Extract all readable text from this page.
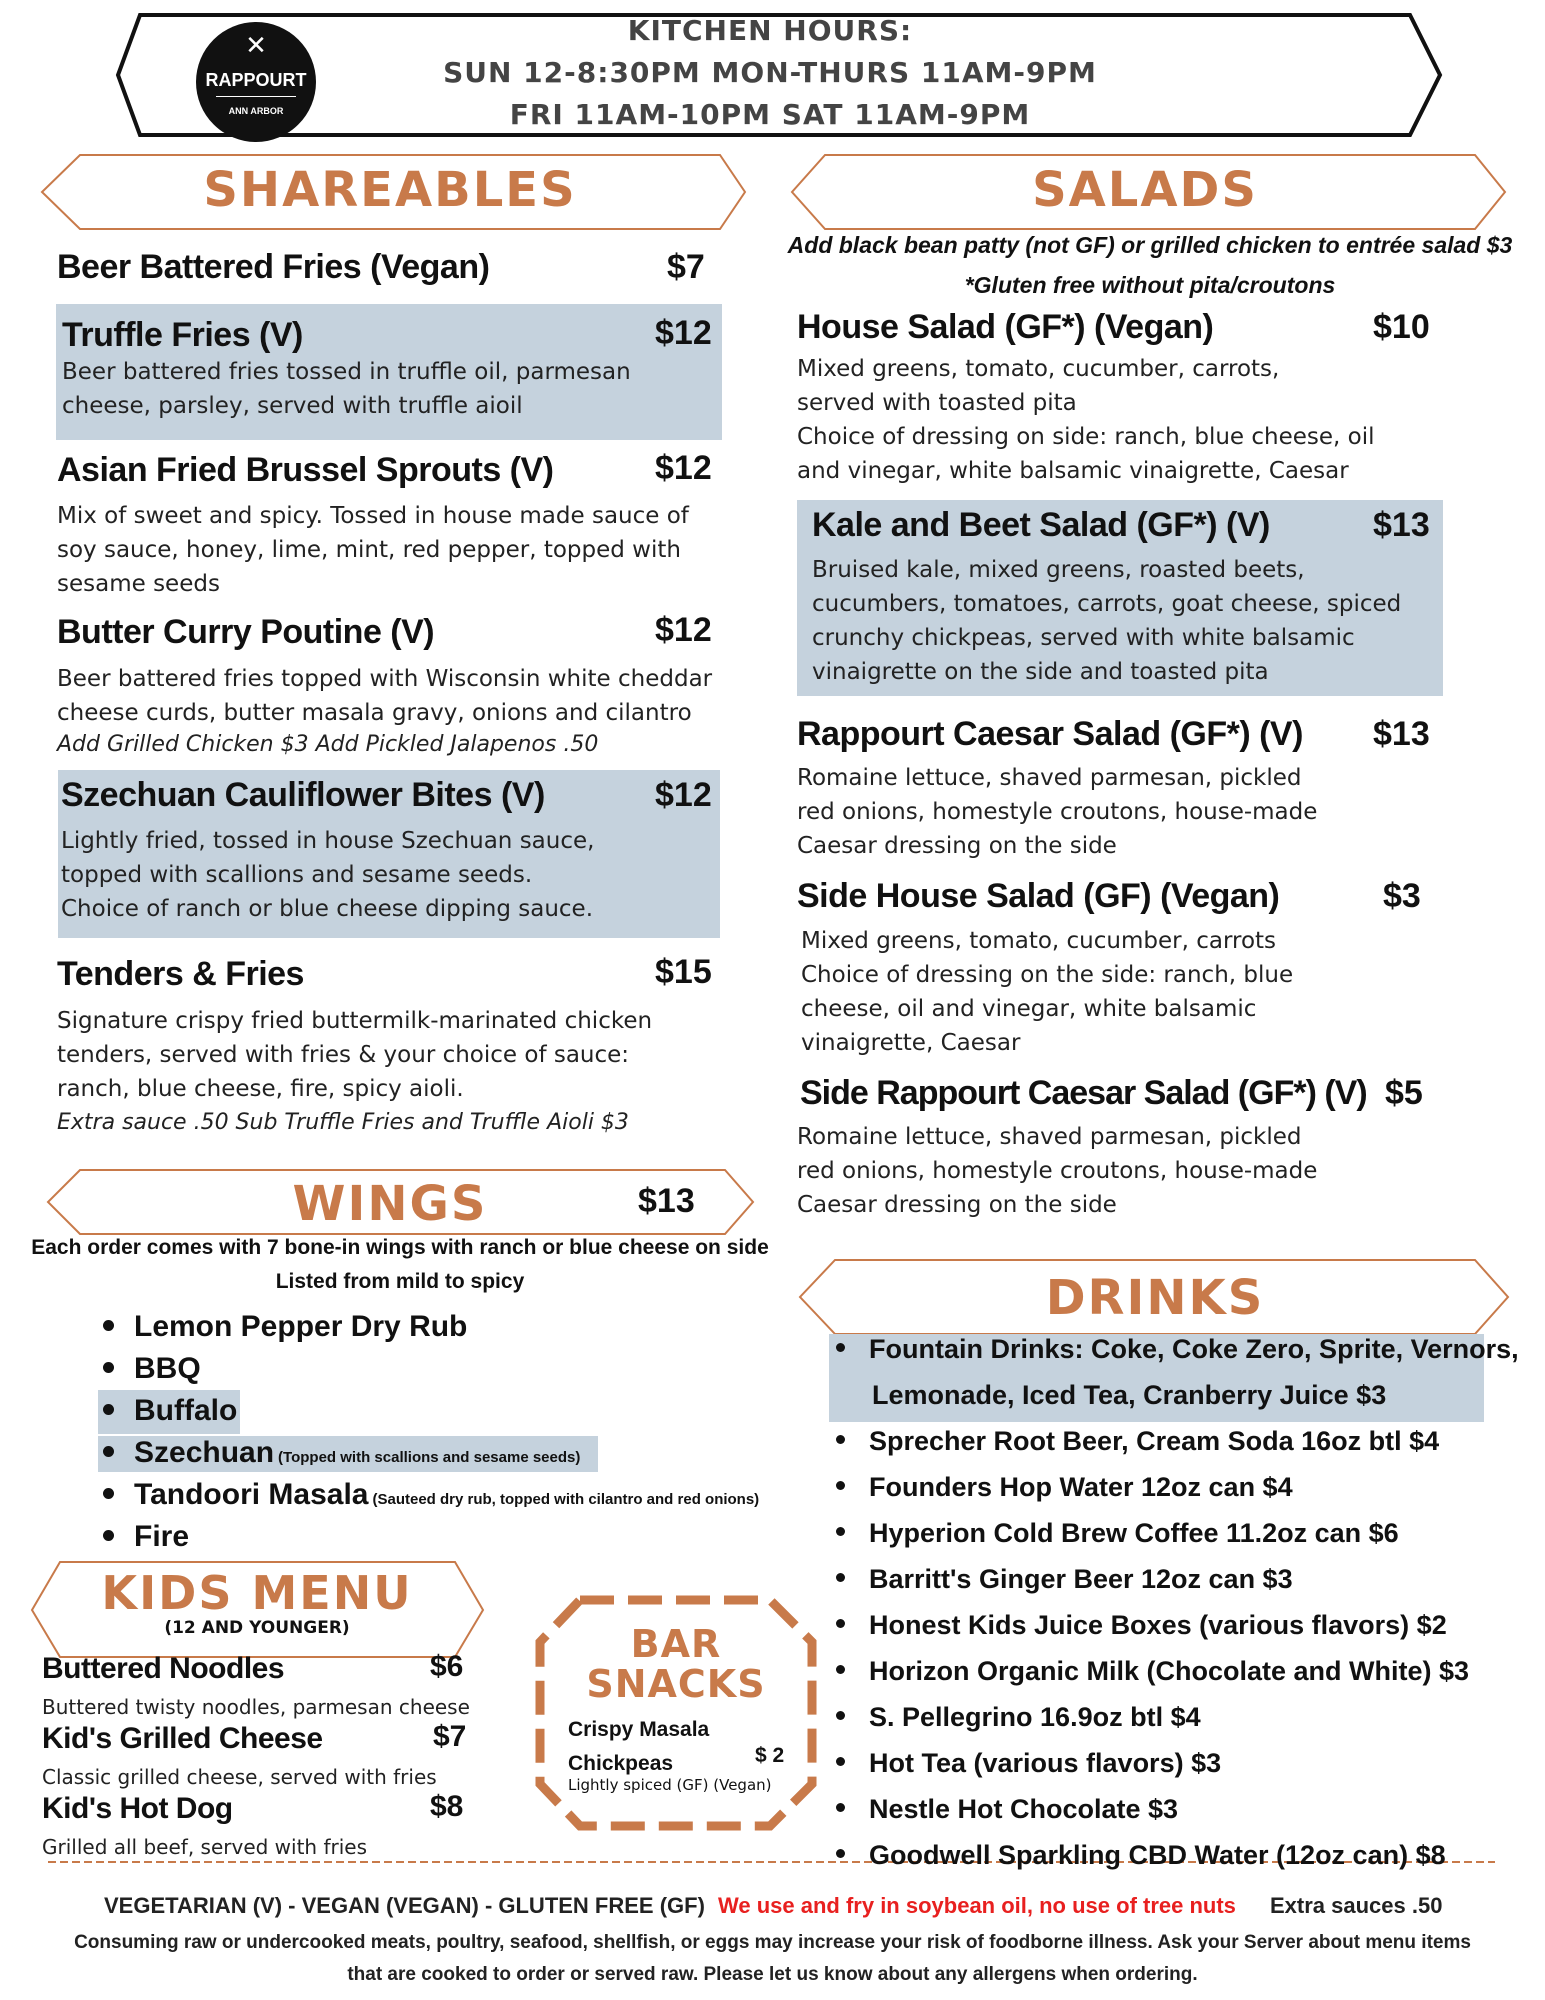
✕
RAPPOURT
ANN ARBOR
KITCHEN HOURS:
SUN 12-8:30PM MON-THURS 11AM-9PM
FRI 11AM-10PM SAT 11AM-9PM
SHAREABLES
Beer Battered Fries (Vegan)	$7
Truffle Fries (V)	$12
Beer battered fries tossed in truffle oil, parmesan
cheese, parsley, served with truffle aioil
Asian Fried Brussel Sprouts (V)	$12
Mix of sweet and spicy. Tossed in house made sauce of
soy sauce, honey, lime, mint, red pepper, topped with
sesame seeds
Butter Curry Poutine (V)	$12
Beer battered fries topped with Wisconsin white cheddar
cheese curds, butter masala gravy, onions and cilantro
Add Grilled Chicken $3 Add Pickled Jalapenos .50
Szechuan Cauliflower Bites (V)	$12
Lightly fried, tossed in house Szechuan sauce,
topped with scallions and sesame seeds.
Choice of ranch or blue cheese dipping sauce.
Tenders & Fries	$15
Signature crispy fried buttermilk-marinated chicken
tenders, served with fries & your choice of sauce:
ranch, blue cheese, fire, spicy aioli.
Extra sauce .50 Sub Truffle Fries and Truffle Aioli $3
SALADS
Add black bean patty (not GF) or grilled chicken to entrée salad $3
*Gluten free without pita/croutons
House Salad (GF*) (Vegan)	$10
Mixed greens, tomato, cucumber, carrots,
served with toasted pita
Choice of dressing on side: ranch, blue cheese, oil
and vinegar, white balsamic vinaigrette, Caesar
Kale and Beet Salad (GF*) (V)	$13
Bruised kale, mixed greens, roasted beets,
cucumbers, tomatoes, carrots, goat cheese, spiced
crunchy chickpeas, served with white balsamic
vinaigrette on the side and toasted pita
Rappourt Caesar Salad (GF*) (V) $13
Romaine lettuce, shaved parmesan, pickled
red onions, homestyle croutons, house-made
Caesar dressing on the side
Side House Salad (GF) (Vegan)	$3
Mixed greens, tomato, cucumber, carrots
Choice of dressing on the side: ranch, blue
cheese, oil and vinegar, white balsamic
vinaigrette, Caesar
Side Rappourt Caesar Salad (GF*) (V) $5
Romaine lettuce, shaved parmesan, pickled
red onions, homestyle croutons, house-made
Caesar dressing on the side
WINGS	$13
Each order comes with 7 bone-in wings with ranch or blue cheese on side
Listed from mild to spicy
Lemon Pepper Dry Rub
BBQ
Buffalo
Szechuan (Topped with scallions and sesame seeds)
Tandoori Masala (Sauteed dry rub, topped with cilantro and red onions)
Fire
KIDS MENU
(12 AND YOUNGER)
Buttered Noodles	$6
Buttered twisty noodles, parmesan cheese
Kid's Grilled Cheese	$7
Classic grilled cheese, served with fries
Kid's Hot Dog	$8
Grilled all beef, served with fries
BAR
SNACKS
Crispy Masala
Chickpeas	$ 2
Lightly spiced (GF) (Vegan)
DRINKS
Fountain Drinks: Coke, Coke Zero, Sprite, Vernors,
Lemonade, Iced Tea, Cranberry Juice $3
Sprecher Root Beer, Cream Soda 16oz btl $4
Founders Hop Water 12oz can $4
Hyperion Cold Brew Coffee 11.2oz can $6
Barritt's Ginger Beer 12oz can $3
Honest Kids Juice Boxes (various flavors) $2
Horizon Organic Milk (Chocolate and White) $3
S. Pellegrino 16.9oz btl $4
Hot Tea (various flavors) $3
Nestle Hot Chocolate $3
Goodwell Sparkling CBD Water (12oz can) $8
VEGETARIAN (V) - VEGAN (VEGAN) - GLUTEN FREE (GF) We use and fry in soybean oil, no use of tree nuts Extra sauces .50
Consuming raw or undercooked meats, poultry, seafood, shellfish, or eggs may increase your risk of foodborne illness. Ask your Server about menu items
that are cooked to order or served raw. Please let us know about any allergens when ordering.
